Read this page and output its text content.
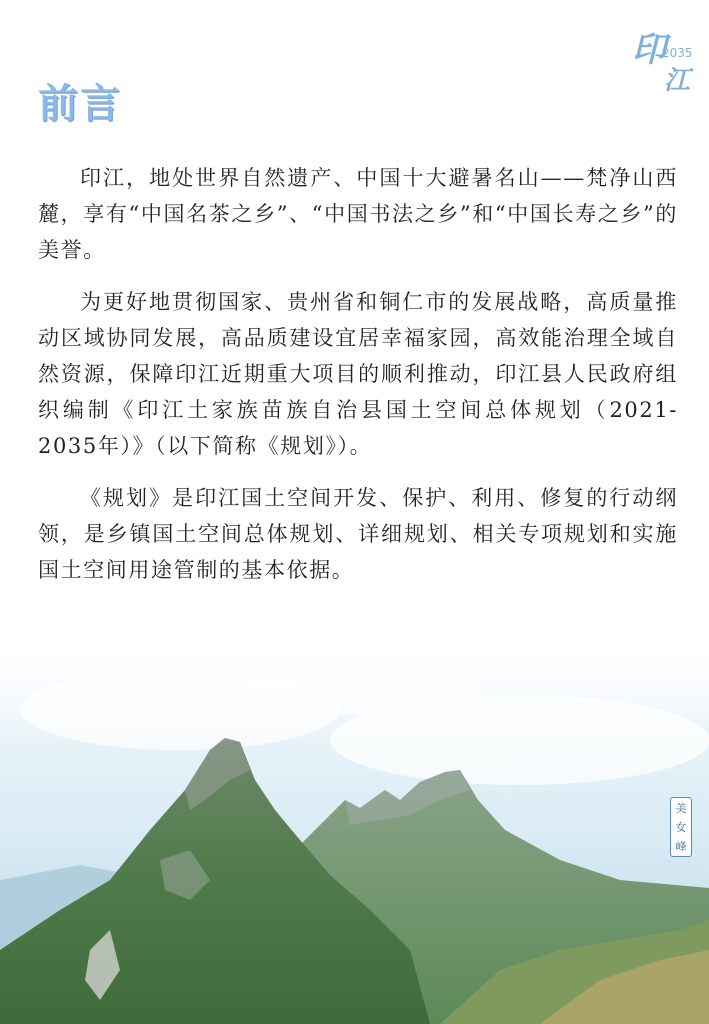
印
2035
江
前言

印江，地处世界自然遗产、中国十大避暑名山——梵净山西麓，享有“中国名茶之乡”、“中国书法之乡”和“中国长寿之乡”的美誉。

为更好地贯彻国家、贵州省和铜仁市的发展战略，高质量推动区域协同发展，高品质建设宜居幸福家园，高效能治理全域自然资源，保障印江近期重大项目的顺利推动，印江县人民政府组织编制《印江土家族苗族自治县国土空间总体规划（2021-2035年）》（以下简称《规划》）。

《规划》是印江国土空间开发、保护、利用、修复的行动纲领，是乡镇国土空间总体规划、详细规划、相关专项规划和实施国土空间用途管制的基本依据。

美女峰
